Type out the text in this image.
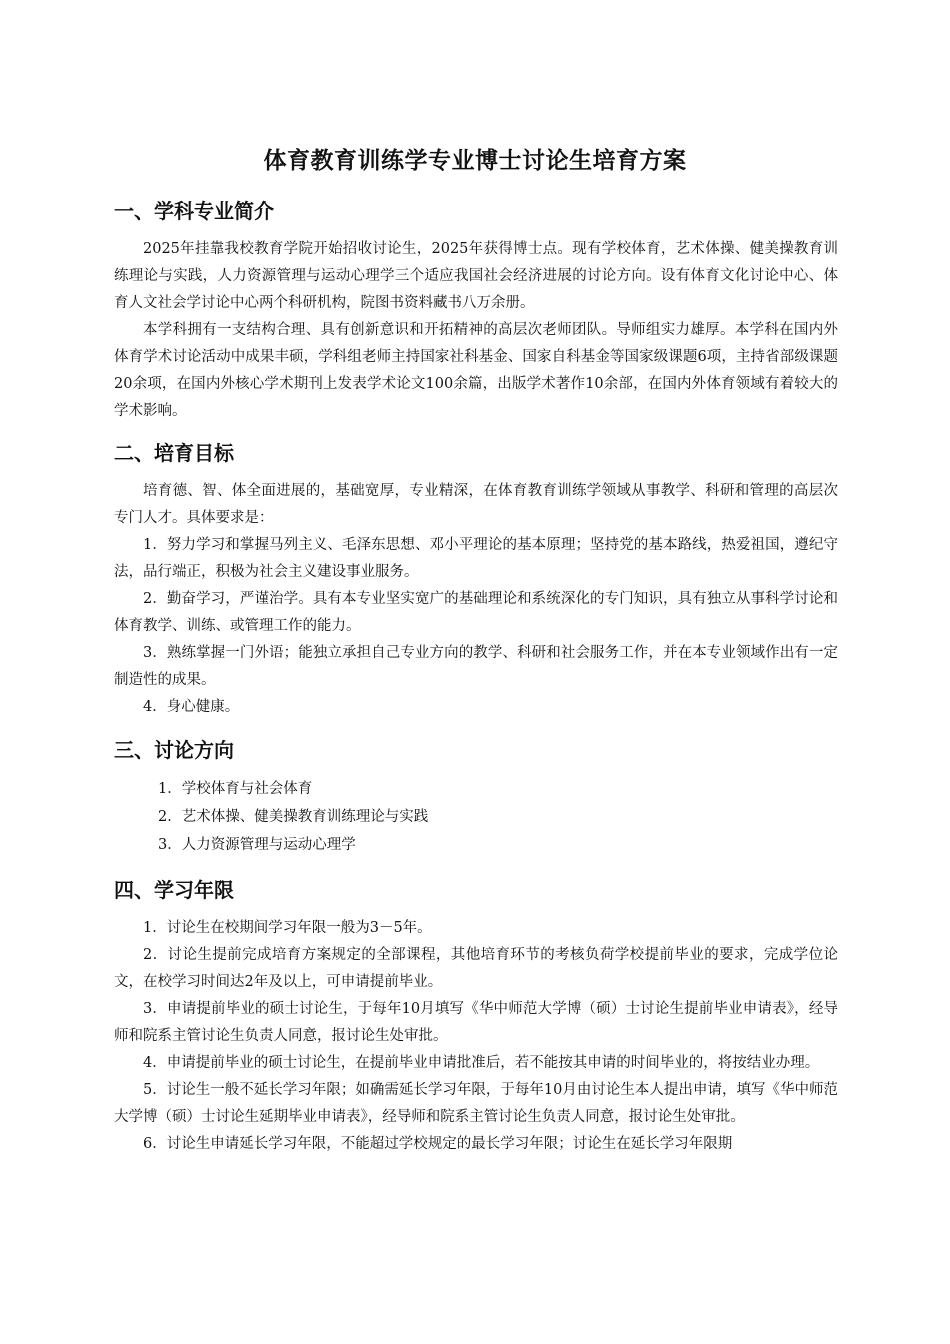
体育教育训练学专业博士讨论生培育方案
一、学科专业简介

2025年挂靠我校教育学院开始招收讨论生，2025年获得博士点。现有学校体育，艺术体操、健美操教育训练理论与实践，人力资源管理与运动心理学三个适应我国社会经济进展的讨论方向。设有体育文化讨论中心、体育人文社会学讨论中心两个科研机构，院图书资料藏书八万余册。

本学科拥有一支结构合理、具有创新意识和开拓精神的高层次老师团队。导师组实力雄厚。本学科在国内外体育学术讨论活动中成果丰硕，学科组老师主持国家社科基金、国家自科基金等国家级课题6项，主持省部级课题20余项，在国内外核心学术期刊上发表学术论文100余篇，出版学术著作10余部，在国内外体育领域有着较大的学术影响。

二、培育目标

培育德、智、体全面进展的，基础宽厚，专业精深，在体育教育训练学领域从事教学、科研和管理的高层次专门人才。具体要求是：

1．努力学习和掌握马列主义、毛泽东思想、邓小平理论的基本原理；坚持党的基本路线，热爱祖国，遵纪守法，品行端正，积极为社会主义建设事业服务。

2．勤奋学习，严谨治学。具有本专业坚实宽广的基础理论和系统深化的专门知识，具有独立从事科学讨论和体育教学、训练、或管理工作的能力。

3．熟练掌握一门外语；能独立承担自己专业方向的教学、科研和社会服务工作，并在本专业领域作出有一定制造性的成果。

4．身心健康。

三、讨论方向
1．学校体育与社会体育
2．艺术体操、健美操教育训练理论与实践
3．人力资源管理与运动心理学
四、学习年限

1．讨论生在校期间学习年限一般为3－5年。

2．讨论生提前完成培育方案规定的全部课程，其他培育环节的考核负荷学校提前毕业的要求，完成学位论文，在校学习时间达2年及以上，可申请提前毕业。

3．申请提前毕业的硕士讨论生，于每年10月填写《华中师范大学博（硕）士讨论生提前毕业申请表》，经导师和院系主管讨论生负责人同意，报讨论生处审批。

4．申请提前毕业的硕士讨论生，在提前毕业申请批准后，若不能按其申请的时间毕业的，将按结业办理。

5．讨论生一般不延长学习年限；如确需延长学习年限，于每年10月由讨论生本人提出申请，填写《华中师范大学博（硕）士讨论生延期毕业申请表》，经导师和院系主管讨论生负责人同意，报讨论生处审批。

6．讨论生申请延长学习年限，不能超过学校规定的最长学习年限；讨论生在延长学习年限期
